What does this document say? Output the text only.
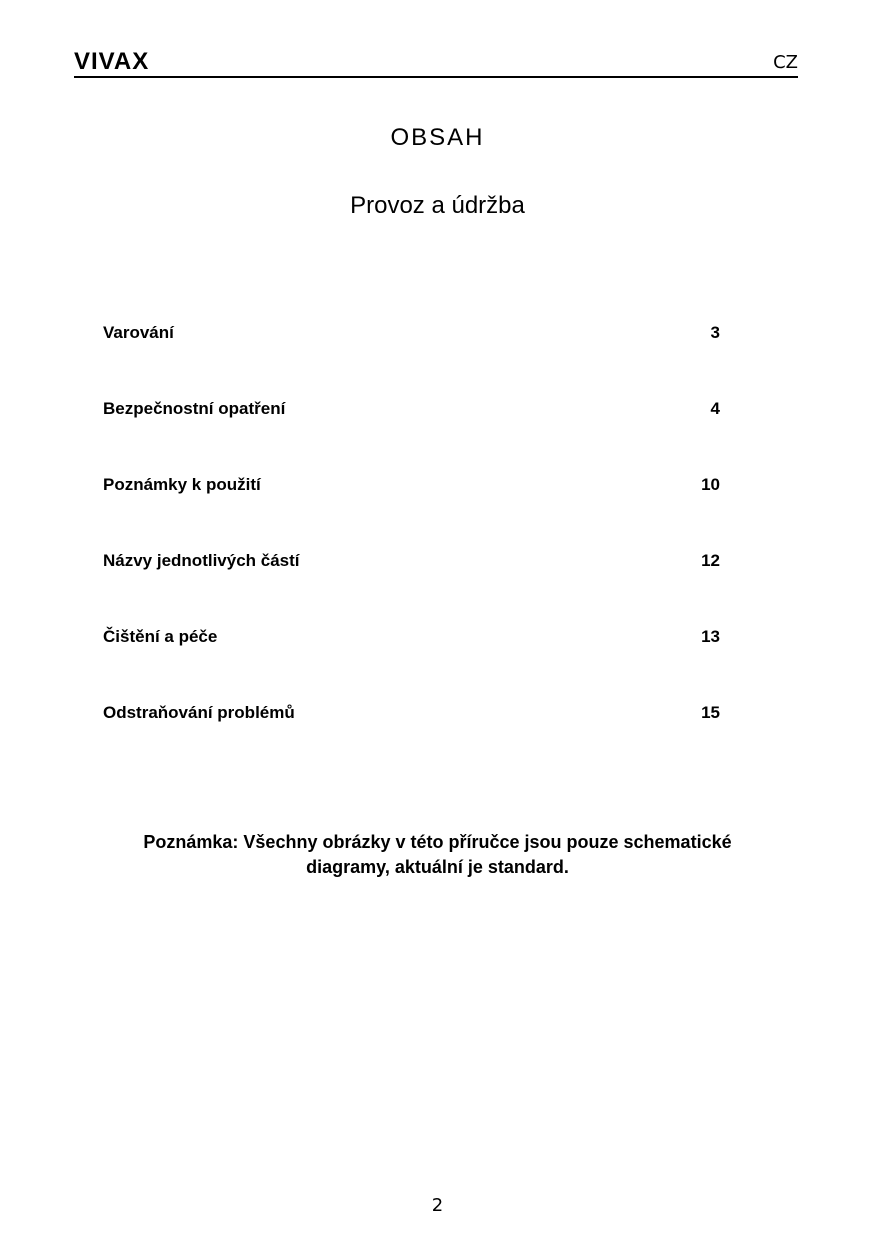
VIVAX	CZ
OBSAH
Provoz a údržba
Varování	3
Bezpečnostní opatření	4
Poznámky k použití	10
Názvy jednotlivých částí	12
Čištění a péče	13
Odstraňování problémů	15
Poznámka: Všechny obrázky v této příručce jsou pouze schematické
diagramy, aktuální je standard.
2
